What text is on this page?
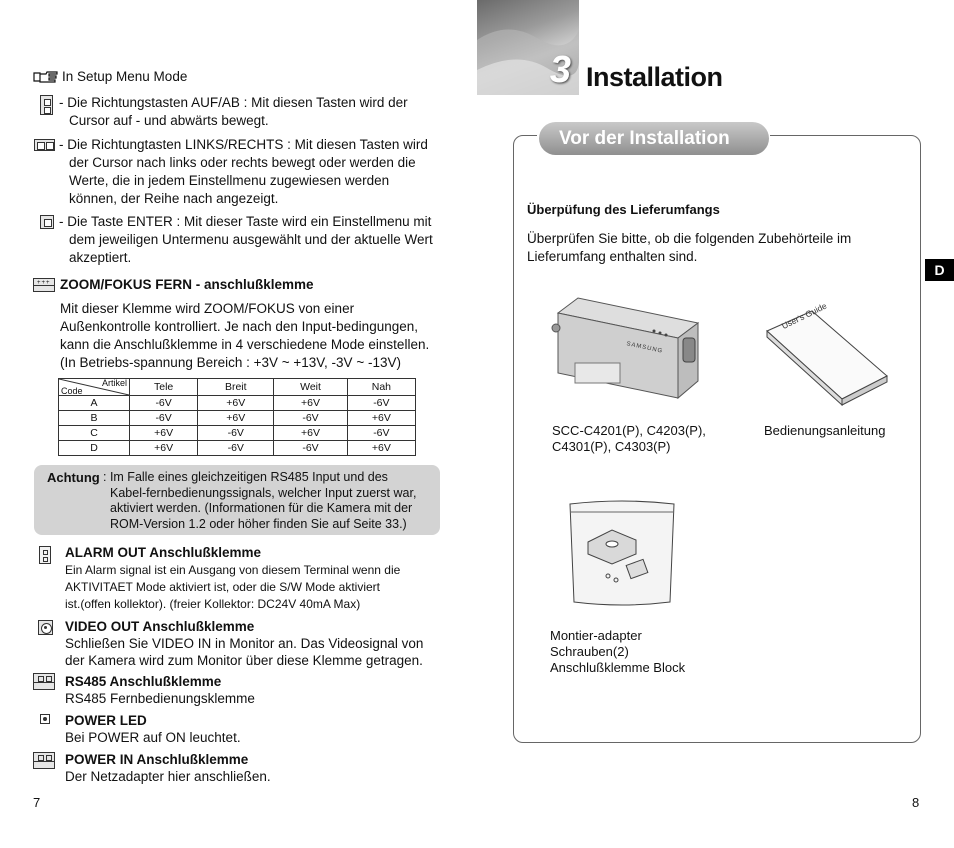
In Setup Menu Mode
- Die Richtungstasten AUF/AB : Mit diesen Tasten wird der
Cursor auf - und abwärts bewegt.
- Die Richtungtasten LINKS/RECHTS : Mit diesen Tasten wird
der Cursor nach links oder rechts bewegt oder werden die
Werte, die in jedem Einstellmenu zugewiesen werden
können, der Reihe nach angezeigt.
- Die Taste ENTER : Mit dieser Taste wird ein Einstellmenu mit
dem jeweiligen Untermenu ausgewählt und der aktuelle Wert
akzeptiert.
+++ ZOOM/FOKUS FERN - anschlußklemme
Mit dieser Klemme wird ZOOM/FOKUS von einer
Außenkontrolle kontrolliert. Je nach den Input-bedingungen,
kann die Anschlußklemme in 4 verschiedene Mode einstellen.
(In Betriebs-spannung Bereich : +3V ~ +13V, -3V ~ -13V)
Artikel
Code	Tele	Breit	Weit	Nah
A	-6V	+6V	+6V	-6V
B	-6V	+6V	-6V	+6V
C	+6V	-6V	+6V	-6V
D	+6V	-6V	-6V	+6V
Achtung : Im Falle eines gleichzeitigen RS485 Input und des
Kabel-fernbedienungssignals, welcher Input zuerst war,
aktiviert werden. (Informationen für die Kamera mit der
ROM-Version 1.2 oder höher finden Sie auf Seite 33.)
ALARM OUT Anschlußklemme
Ein Alarm signal ist ein Ausgang von diesem Terminal wenn die
AKTIVITAET Mode aktiviert ist, oder die S/W Mode aktiviert
ist.(offen kollektor). (freier Kollektor: DC24V 40mA Max)
VIDEO OUT Anschlußklemme
Schließen Sie VIDEO IN in Monitor an. Das Videosignal von
der Kamera wird zum Monitor über diese Klemme getragen.
RS485 Anschlußklemme
RS485 Fernbedienungsklemme
POWER LED
Bei POWER auf ON leuchtet.
POWER IN Anschlußklemme
Der Netzadapter hier anschließen.
7
3 Installation
Vor der Installation
Überpüfung des Lieferumfangs
Überprüfen Sie bitte, ob die folgenden Zubehörteile im
Lieferumfang enthalten sind.
SAMSUNG
SCC-C4201(P), C4203(P),
C4301(P), C4303(P)
User's Guide
Bedienungsanleitung
Montier-adapter
Schrauben(2)
Anschlußklemme Block
D
8
